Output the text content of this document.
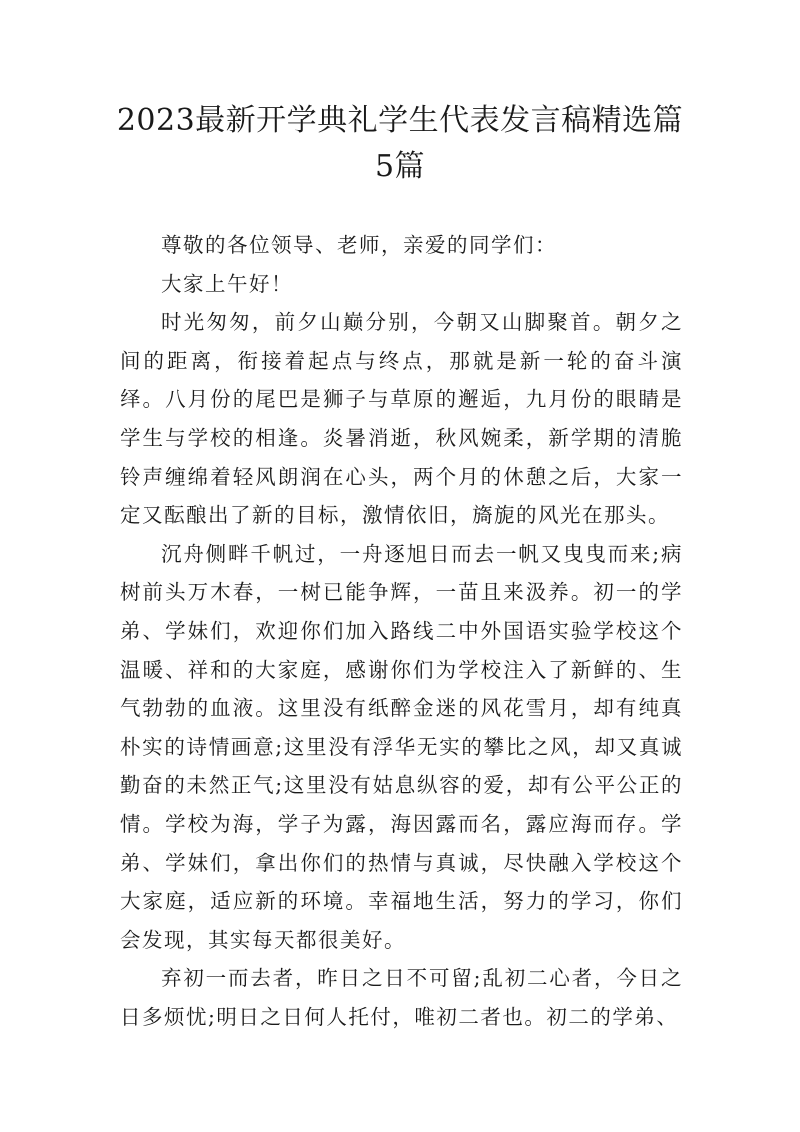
2023最新开学典礼学生代表发言稿精选篇
5篇

尊敬的各位领导、老师，亲爱的同学们：

大家上午好！

时光匆匆，前夕山巅分别，今朝又山脚聚首。朝夕之间的距离，衔接着起点与终点，那就是新一轮的奋斗演绎。八月份的尾巴是狮子与草原的邂逅，九月份的眼睛是学生与学校的相逢。炎暑消逝，秋风婉柔，新学期的清脆铃声缠绵着轻风朗润在心头，两个月的休憩之后，大家一定又酝酿出了新的目标，激情依旧，旖旎的风光在那头。

沉舟侧畔千帆过，一舟逐旭日而去一帆又曳曳而来;病树前头万木春，一树已能争辉，一苗且来汲养。初一的学弟、学妹们，欢迎你们加入路线二中外国语实验学校这个温暖、祥和的大家庭，感谢你们为学校注入了新鲜的、生气勃勃的血液。这里没有纸醉金迷的风花雪月，却有纯真朴实的诗情画意;这里没有浮华无实的攀比之风，却又真诚勤奋的未然正气;这里没有姑息纵容的爱，却有公平公正的情。学校为海，学子为露，海因露而名，露应海而存。学弟、学妹们，拿出你们的热情与真诚，尽快融入学校这个大家庭，适应新的环境。幸福地生活，努力的学习，你们会发现，其实每天都很美好。

弃初一而去者，昨日之日不可留;乱初二心者，今日之日多烦忧;明日之日何人托付，唯初二者也。初二的学弟、
